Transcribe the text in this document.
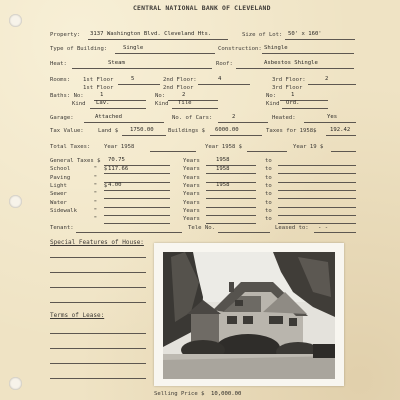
CENTRAL NATIONAL BANK OF CLEVELAND
Property: 3137 Washington Blvd. Cleveland Hts.	Size of Lot: 50' x 160'
Type of Building:	Single	Construction: Shingle
Heat:	Steam	Roof:	Asbestos Shingle
Rooms: 1st Floor	5	2nd Floor:	4	3rd Floor:	2
1st Floor	2nd Floor	3rd Floor
Baths: No:	1	No:	2	No:	1
Kind Lav.	Kind Tile	Kind Ord.
Garage:	Attached	No. of Cars:	2	Heated:	Yes
Tax Value:	Land $ 1750.00	Buildings $ 6000.00	Taxes for 1958$ 192.42
Total Taxes: Year 1958	Year 1958 $	Year 19 $
General Taxes $ 70.75	Years	1958	to
School       "  $ 117.66	Years	1958	to
Paving       "	Years	to
Light        "  $ 4.00	Years	1958	to
Sewer        "	Years	to
Water        "	Years	to
Sidewalk     "	Years	to
"	Years	to
Tenant:	Tele No.	Leased to: - -
Special Features of House:
Terms of Lease:
Selling Price $ 10,000.00
